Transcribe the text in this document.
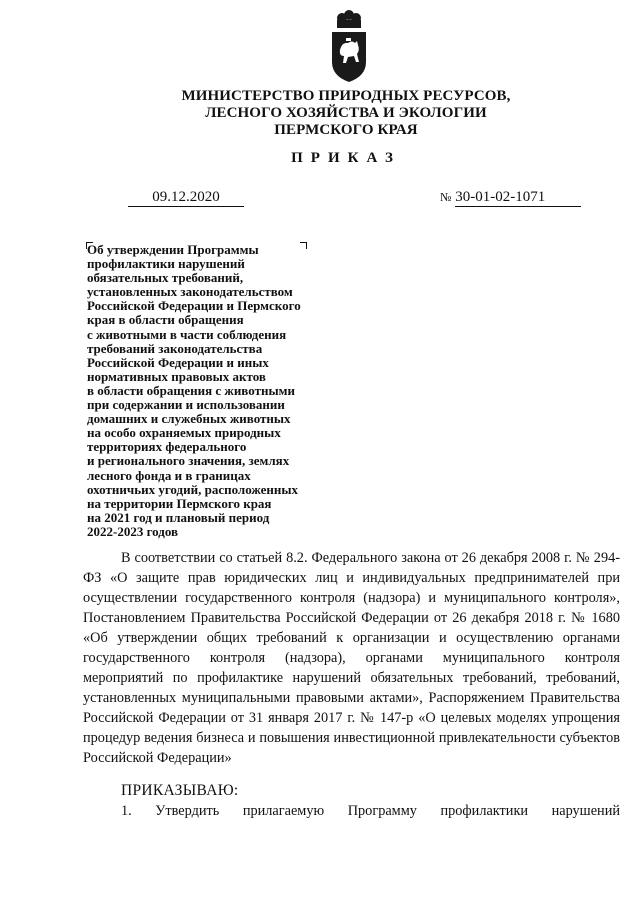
МИНИСТЕРСТВО ПРИРОДНЫХ РЕСУРСОВ,
ЛЕСНОГО ХОЗЯЙСТВА И ЭКОЛОГИИ
ПЕРМСКОГО КРАЯ
ПРИКАЗ
09.12.2020	№ 30-01-02-1071
Об утверждении Программы
профилактики нарушений
обязательных требований,
установленных законодательством
Российской Федерации и Пермского
края в области обращения
с животными в части соблюдения
требований законодательства
Российской Федерации и иных
нормативных правовых актов
в области обращения с животными
при содержании и использовании
домашних и служебных животных
на особо охраняемых природных
территориях федерального
и регионального значения, землях
лесного фонда и в границах
охотничьих угодий, расположенных
на территории Пермского края
на 2021 год и плановый период
2022-2023 годов

В соответствии со статьей 8.2. Федерального закона от 26 декабря 2008 г. № 294-ФЗ «О защите прав юридических лиц и индивидуальных предпринимателей при осуществлении государственного контроля (надзора) и муниципального контроля», Постановлением Правительства Российской Федерации от 26 декабря 2018 г. № 1680 «Об утверждении общих требований к организации и осуществлению органами государственного контроля (надзора), органами муниципального контроля мероприятий по профилактике нарушений обязательных требований, требований, установленных муниципальными правовыми актами», Распоряжением Правительства Российской Федерации от 31 января 2017 г. № 147-р «О целевых моделях упрощения процедур ведения бизнеса и повышения инвестиционной привлекательности субъектов Российской Федерации»

ПРИКАЗЫВАЮ:
1. Утвердить прилагаемую Программу профилактики нарушений
